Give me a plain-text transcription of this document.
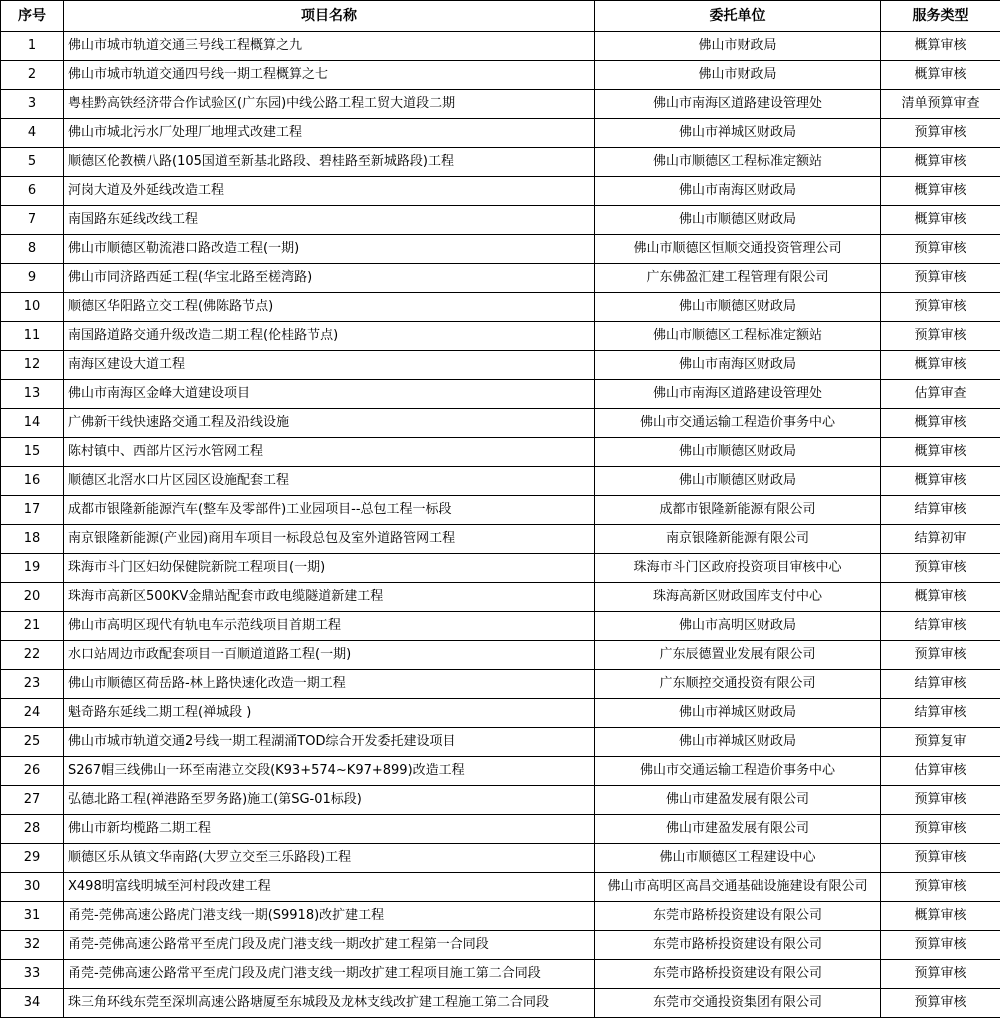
序号	项目名称	委托单位	服务类型
1	佛山市城市轨道交通三号线工程概算之九	佛山市财政局	概算审核
2	佛山市城市轨道交通四号线一期工程概算之七	佛山市财政局	概算审核
3	粤桂黔高铁经济带合作试验区(广东园)中线公路工程工贸大道段二期	佛山市南海区道路建设管理处	清单预算审查
4	佛山市城北污水厂处理厂地埋式改建工程	佛山市禅城区财政局	预算审核
5	顺德区伦教横八路(105国道至新基北路段、碧桂路至新城路段)工程	佛山市顺德区工程标准定额站	概算审核
6	河岗大道及外延线改造工程	佛山市南海区财政局	概算审核
7	南国路东延线改线工程	佛山市顺德区财政局	概算审核
8	佛山市顺德区勒流港口路改造工程(一期)	佛山市顺德区恒顺交通投资管理公司	预算审核
9	佛山市同济路西延工程(华宝北路至槎湾路)	广东佛盈汇建工程管理有限公司	预算审核
10	顺德区华阳路立交工程(佛陈路节点)	佛山市顺德区财政局	预算审核
11	南国路道路交通升级改造二期工程(伦桂路节点)	佛山市顺德区工程标准定额站	预算审核
12	南海区建设大道工程	佛山市南海区财政局	概算审核
13	佛山市南海区金峰大道建设项目	佛山市南海区道路建设管理处	估算审查
14	广佛新干线快速路交通工程及沿线设施	佛山市交通运输工程造价事务中心	概算审核
15	陈村镇中、西部片区污水管网工程	佛山市顺德区财政局	概算审核
16	顺德区北滘水口片区园区设施配套工程	佛山市顺德区财政局	概算审核
17	成都市银隆新能源汽车(整车及零部件)工业园项目--总包工程一标段	成都市银隆新能源有限公司	结算审核
18	南京银隆新能源(产业园)商用车项目一标段总包及室外道路管网工程	南京银隆新能源有限公司	结算初审
19	珠海市斗门区妇幼保健院新院工程项目(一期)	珠海市斗门区政府投资项目审核中心	预算审核
20	珠海市高新区500KV金鼎站配套市政电缆隧道新建工程	珠海高新区财政国库支付中心	概算审核
21	佛山市高明区现代有轨电车示范线项目首期工程	佛山市高明区财政局	结算审核
22	水口站周边市政配套项目一百顺道道路工程(一期)	广东辰德置业发展有限公司	预算审核
23	佛山市顺德区荷岳路-林上路快速化改造一期工程	广东顺控交通投资有限公司	结算审核
24	魁奇路东延线二期工程(禅城段 )	佛山市禅城区财政局	结算审核
25	佛山市城市轨道交通2号线一期工程湖涌TOD综合开发委托建设项目	佛山市禅城区财政局	预算复审
26	S267帽三线佛山一环至南港立交段(K93+574~K97+899)改造工程	佛山市交通运输工程造价事务中心	估算审核
27	弘德北路工程(禅港路至罗务路)施工(第SG-01标段)	佛山市建盈发展有限公司	预算审核
28	佛山市新均榄路二期工程	佛山市建盈发展有限公司	预算审核
29	顺德区乐从镇文华南路(大罗立交至三乐路段)工程	佛山市顺德区工程建设中心	预算审核
30	X498明富线明城至河村段改建工程	佛山市高明区高昌交通基础设施建设有限公司	预算审核
31	甬莞-莞佛高速公路虎门港支线一期(S9918)改扩建工程	东莞市路桥投资建设有限公司	概算审核
32	甬莞-莞佛高速公路常平至虎门段及虎门港支线一期改扩建工程第一合同段	东莞市路桥投资建设有限公司	预算审核
33	甬莞-莞佛高速公路常平至虎门段及虎门港支线一期改扩建工程项目施工第二合同段	东莞市路桥投资建设有限公司	预算审核
34	珠三角环线东莞至深圳高速公路塘厦至东城段及龙林支线改扩建工程施工第二合同段	东莞市交通投资集团有限公司	预算审核
